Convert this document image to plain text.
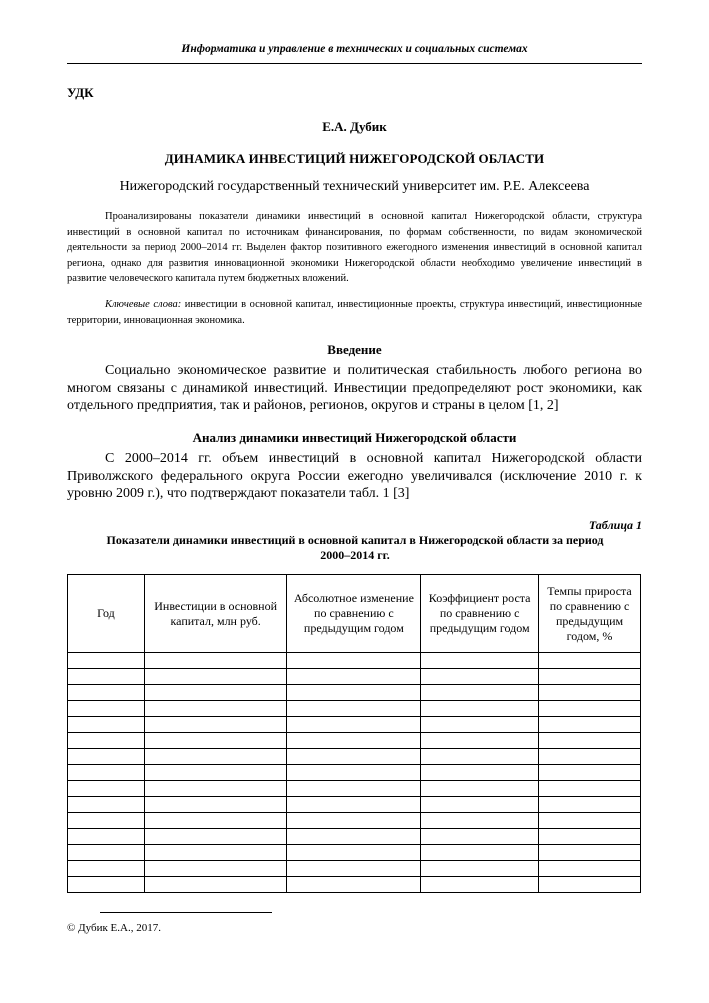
Информатика и управление в технических и социальных системах
УДК
Е.А. Дубик
ДИНАМИКА ИНВЕСТИЦИЙ НИЖЕГОРОДСКОЙ ОБЛАСТИ
Нижегородский государственный технический университет им. Р.Е. Алексеева
Проанализированы показатели динамики инвестиций в основной капитал Нижегородской области, структура инвестиций в основной капитал по источникам финансирования, по формам собственности, по видам экономической деятельности за период 2000–2014 гг. Выделен фактор позитивного ежегодного изменения инвестиций в основной капитал региона, однако для развития инновационной экономики Нижегородской области необходимо увеличение инвестиций в развитие человеческого капитала путем бюджетных вложений.
Ключевые слова: инвестиции в основной капитал, инвестиционные проекты, структура инвестиций, инвестиционные территории, инновационная экономика.
Введение
Социально экономическое развитие и политическая стабильность любого региона во многом связаны с динамикой инвестиций. Инвестиции предопределяют рост экономики, как отдельного предприятия, так и районов, регионов, округов и страны в целом [1, 2]
Анализ динамики инвестиций Нижегородской области
С 2000–2014 гг. объем инвестиций в основной капитал Нижегородской области Приволжского федерального округа России ежегодно увеличивался (исключение 2010 г. к уровню 2009 г.), что подтверждают показатели табл. 1 [3]
Таблица 1
Показатели динамики инвестиций в основной капитал в Нижегородской области за период 2000–2014 гг.
Год	Инвестиции в основной капитал, млн руб.	Абсолютное изменение по сравнению с предыдущим годом	Коэффициент роста по сравнению с предыдущим годом	Темпы прироста по сравнению с предыдущим годом, %

© Дубик Е.А., 2017.
